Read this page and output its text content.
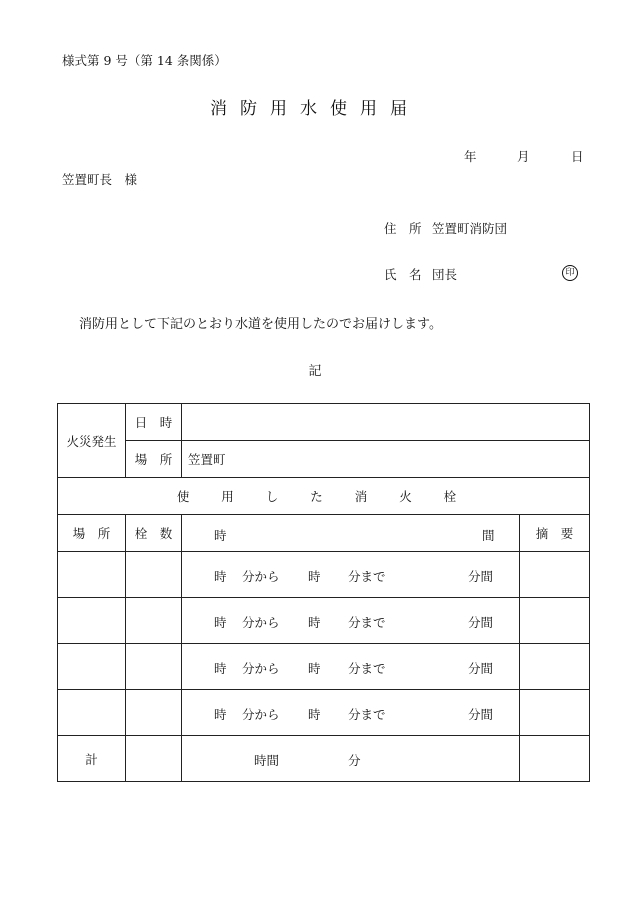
様式第 9 号（第 14 条関係）
消防用水使用届
年	月	日
笠置町長　様
住　所 笠置町消防団
氏　名 団長	印
消防用として下記のとおり水道を使用したのでお届けします。
記
火災発生	日　時		
	場　所	笠置町	
使 用 し た 消 火 栓			
場　所	栓　数	時 間	摘　要

		時 分から 時 分まで 分間	

		時 分から 時 分まで 分間	

		時 分から 時 分まで 分間	

		時 分から 時 分まで 分間	

計		時間 分	
